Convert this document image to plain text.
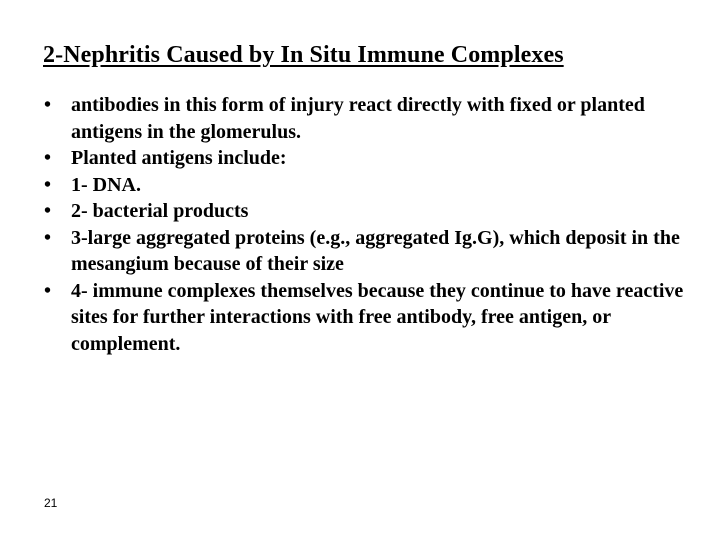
2-Nephritis Caused by In Situ Immune Complexes
• antibodies in this form of injury react directly with fixed or planted antigens in the glomerulus.
• Planted antigens include:
• 1- DNA.
• 2- bacterial products
• 3-large aggregated proteins (e.g., aggregated Ig.G), which deposit in the mesangium because of their size
• 4- immune complexes themselves because they continue to have reactive sites for further interactions with free antibody, free antigen, or complement.
21
